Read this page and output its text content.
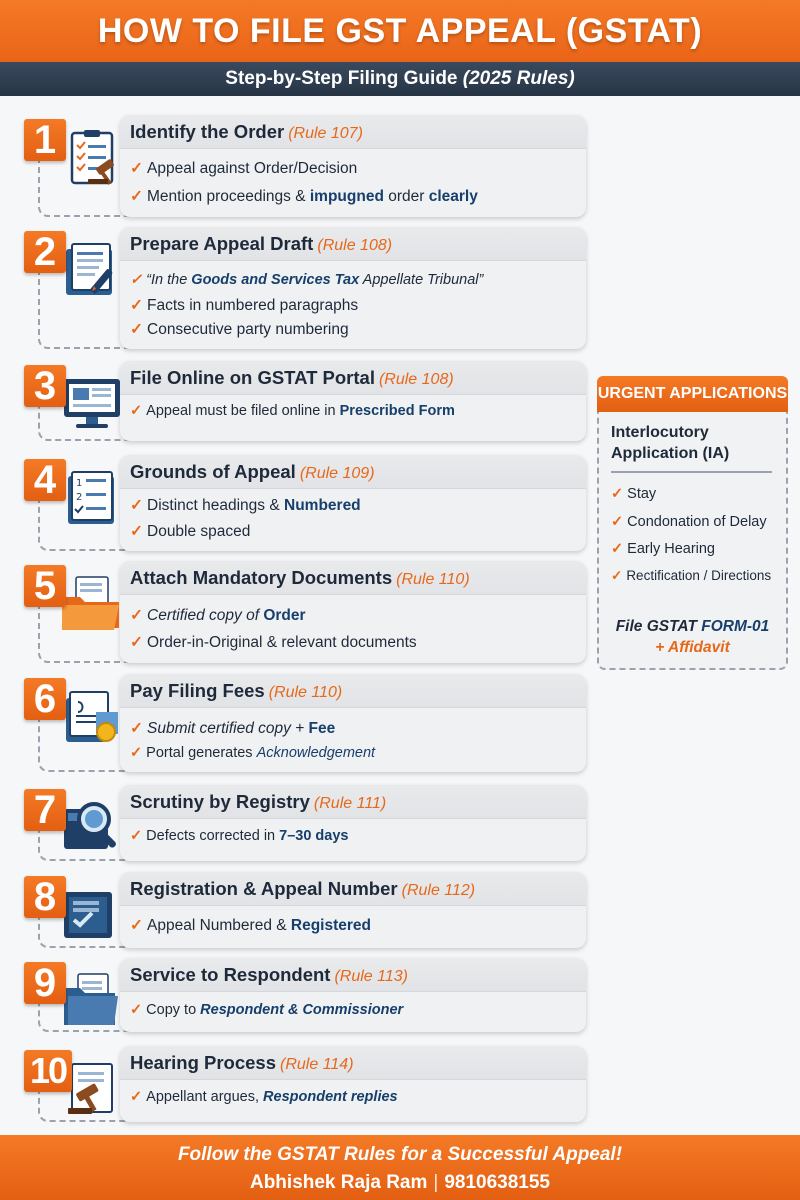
HOW TO FILE GST APPEAL (GSTAT)
Step-by-Step Filing Guide (2025 Rules)
1	Identify the Order (Rule 107)
✓ Appeal against Order/Decision
✓ Mention proceedings & impugned order clearly
2	Prepare Appeal Draft (Rule 108)
✓ “In the Goods and Services Tax Appellate Tribunal”
✓ Facts in numbered paragraphs
✓ Consecutive party numbering
3	File Online on GSTAT Portal (Rule 108)
✓ Appeal must be filed online in Prescribed Form
1
2
4	Grounds of Appeal (Rule 109)
✓ Distinct headings & Numbered
✓ Double spaced
5	Attach Mandatory Documents (Rule 110)
✓ Certified copy of Order
✓ Order-in-Original & relevant documents
6	Pay Filing Fees (Rule 110)
✓ Submit certified copy + Fee
✓ Portal generates Acknowledgement
7	Scrutiny by Registry (Rule 111)
✓ Defects corrected in 7–30 days
8	Registration & Appeal Number (Rule 112)
✓ Appeal Numbered & Registered
9	Service to Respondent (Rule 113)
✓ Copy to Respondent & Commissioner
10	Hearing Process (Rule 114)
✓ Appellant argues, Respondent replies
URGENT APPLICATIONS
Interlocutory Application (IA)
✓ Stay
✓ Condonation of Delay
✓ Early Hearing
✓ Rectification / Directions
File GSTAT FORM-01
+ Affidavit
Follow the GSTAT Rules for a Successful Appeal!
Abhishek Raja Ram | 9810638155
